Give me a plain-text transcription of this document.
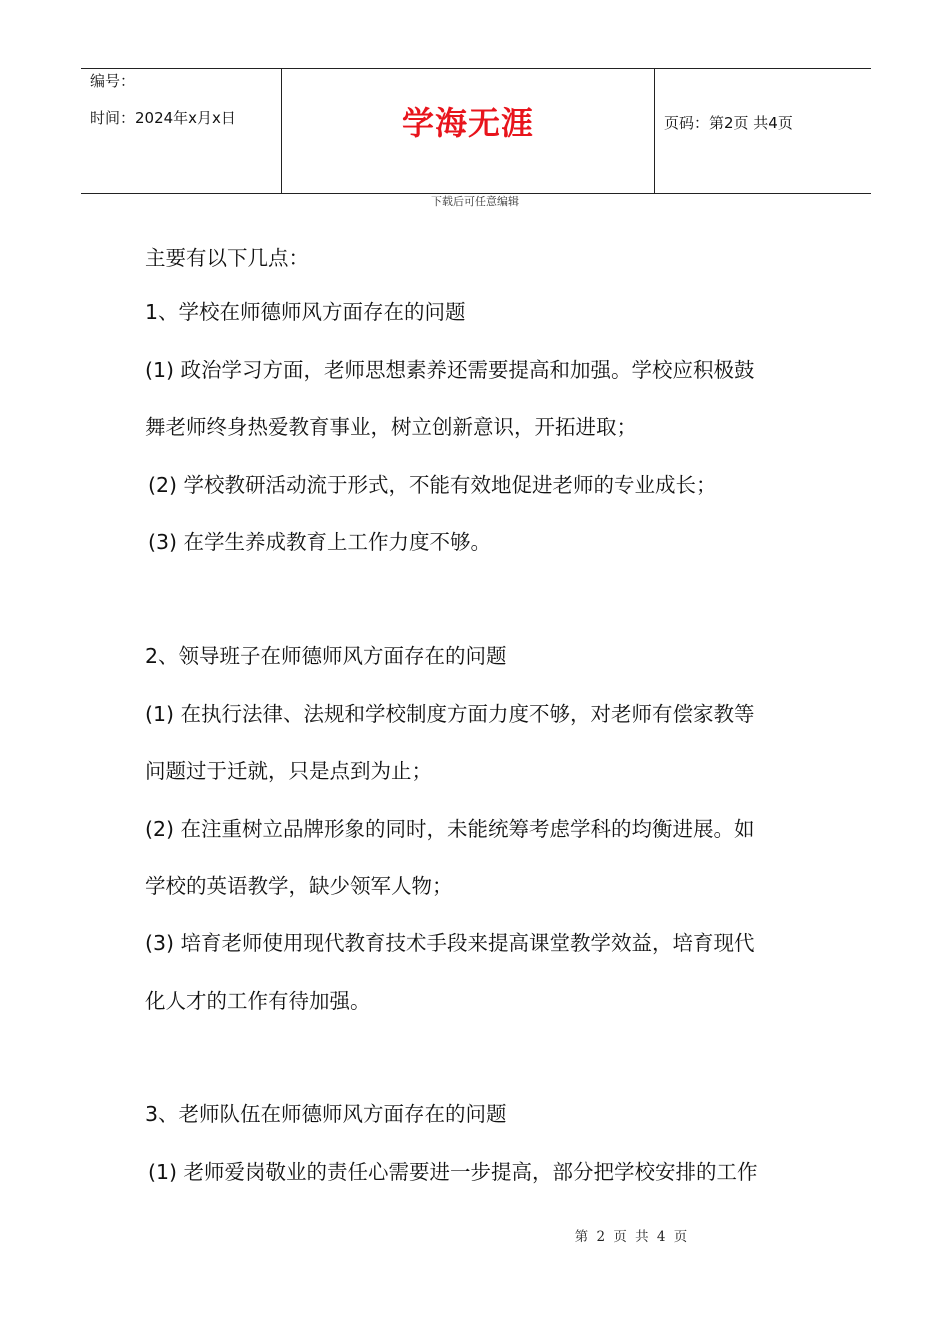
编号：
时间：2024年x月x日	学海无涯	页码：第2页 共4页
下载后可任意编辑
主要有以下几点：
1、学校在师德师风方面存在的问题
(1) 政治学习方面，老师思想素养还需要提高和加强。学校应积极鼓
舞老师终身热爱教育事业，树立创新意识，开拓进取；
(2) 学校教研活动流于形式，不能有效地促进老师的专业成长；
(3) 在学生养成教育上工作力度不够。
2、领导班子在师德师风方面存在的问题
(1) 在执行法律、法规和学校制度方面力度不够，对老师有偿家教等
问题过于迁就，只是点到为止；
(2) 在注重树立品牌形象的同时，未能统筹考虑学科的均衡进展。如
学校的英语教学，缺少领军人物；
(3) 培育老师使用现代教育技术手段来提高课堂教学效益，培育现代
化人才的工作有待加强。
3、老师队伍在师德师风方面存在的问题
(1) 老师爱岗敬业的责任心需要进一步提高，部分把学校安排的工作
第 2 页 共 4 页
